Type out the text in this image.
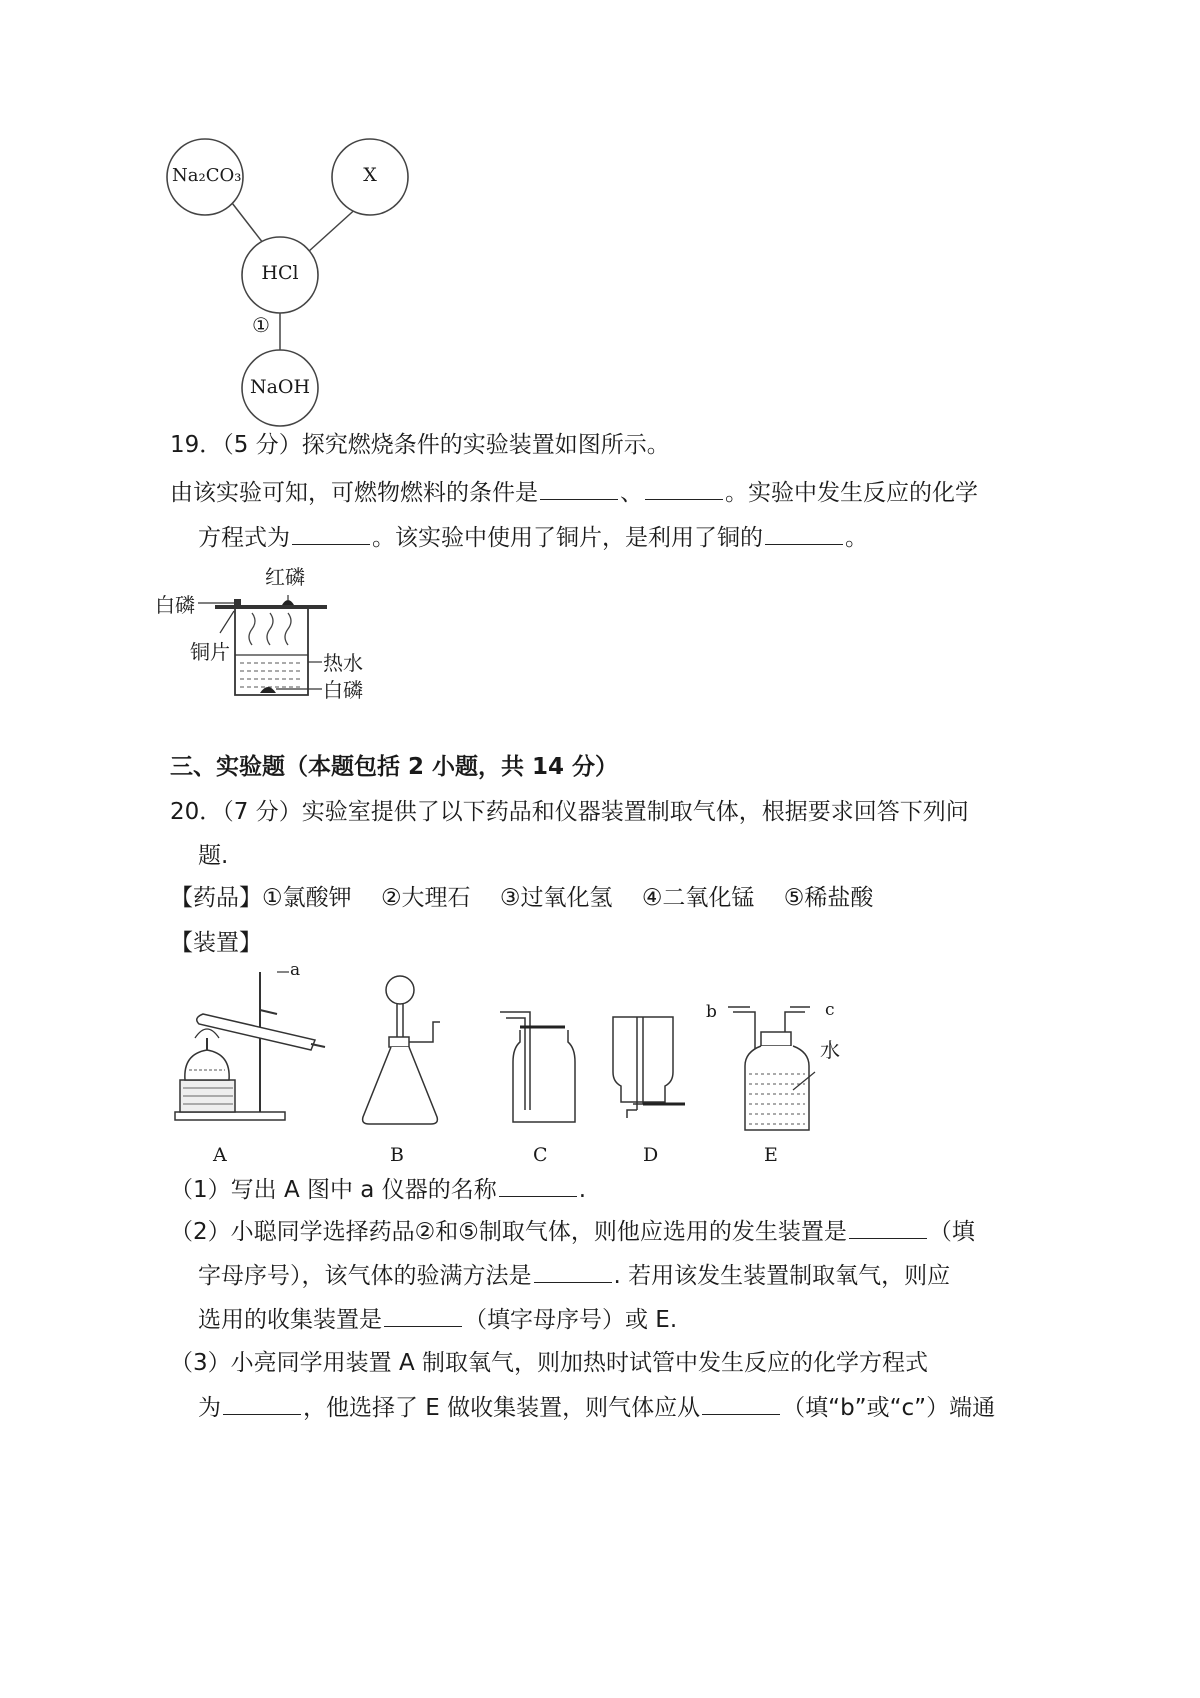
Na₂CO₃	X
HCl
NaOH
①
19．（5 分）探究燃烧条件的实验装置如图所示。
由该实验可知，可燃物燃料的条件是	、	。实验中发生反应的化学
方程式为	。该实验中使用了铜片，是利用了铜的	。
红磷
白磷
铜片	热水
白磷
三、实验题（本题包括 2 小题，共 14 分）
20．（7 分）实验室提供了以下药品和仪器装置制取气体，根据要求回答下列问
题.
【药品】①氯酸钾 ②大理石 ③过氧化氢 ④二氧化锰 ⑤稀盐酸
【装置】
a
b	c
水
A	B	C	D	E
（1）写出 A 图中 a 仪器的名称	.
（2）小聪同学选择药品②和⑤制取气体，则他应选用的发生装置是	（填
字母序号），该气体的验满方法是	. 若用该发生装置制取氧气，则应
选用的收集装置是	（填字母序号）或 E.
（3）小亮同学用装置 A 制取氧气，则加热时试管中发生反应的化学方程式
为	，他选择了 E 做收集装置，则气体应从	（填“b”或“c”）端通
